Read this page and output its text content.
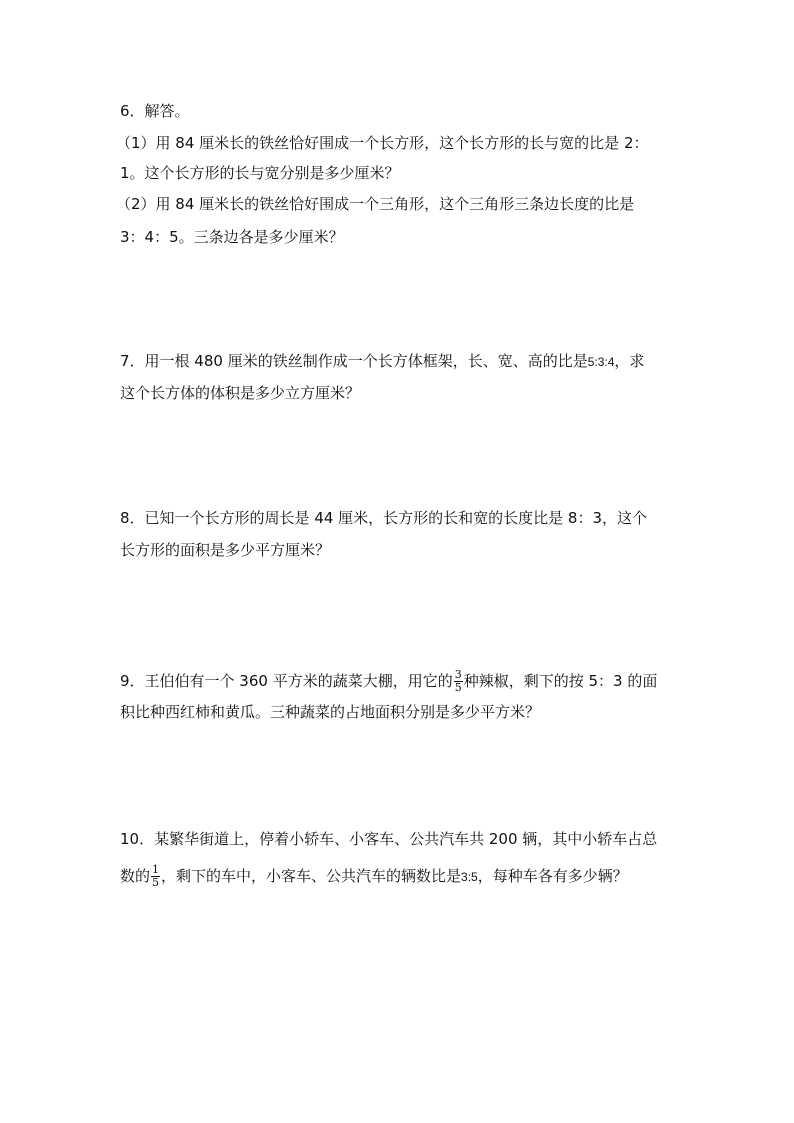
6．解答。
（1）用 84 厘米长的铁丝恰好围成一个长方形，这个长方形的长与宽的比是 2：
1。这个长方形的长与宽分别是多少厘米？
（2）用 84 厘米长的铁丝恰好围成一个三角形，这个三角形三条边长度的比是
3：4：5。三条边各是多少厘米？
7．用一根 480 厘米的铁丝制作成一个长方体框架，长、宽、高的比是5:3:4，求
这个长方体的体积是多少立方厘米？
8．已知一个长方形的周长是 44 厘米，长方形的长和宽的长度比是 8：3，这个
长方形的面积是多少平方厘米？
9．王伯伯有一个 360 平方米的蔬菜大棚，用它的 $\frac{3}{5}$ 种辣椒，剩下的按 5：3 的面
积比种西红柿和黄瓜。三种蔬菜的占地面积分别是多少平方米？
10．某繁华街道上，停着小轿车、小客车、公共汽车共 200 辆，其中小轿车占总
数的 $\frac{1}{5}$ ，剩下的车中，小客车、公共汽车的辆数比是3:5，每种车各有多少辆？
